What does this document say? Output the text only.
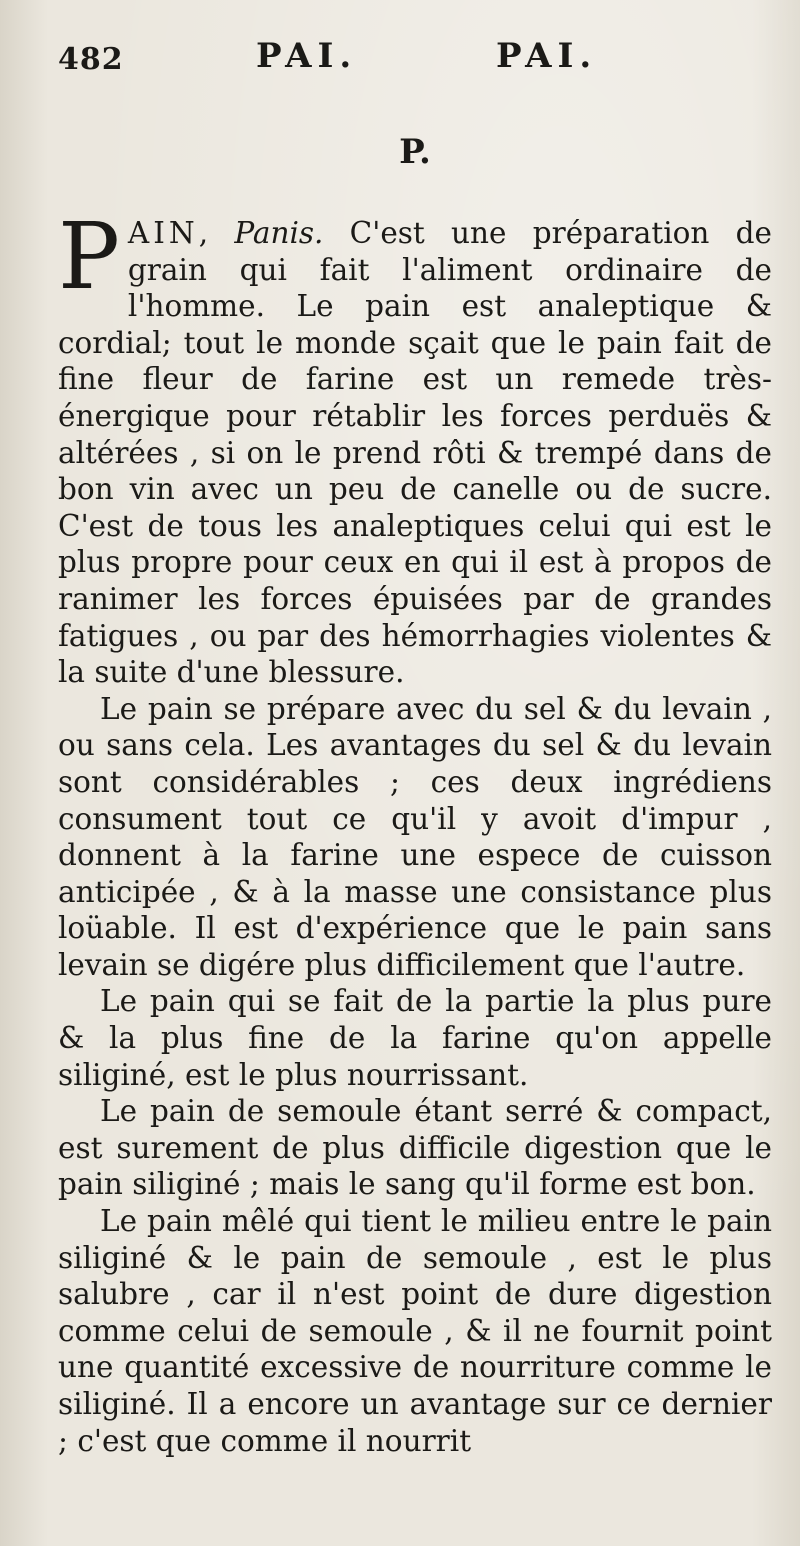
482	PAI.	PAI.
P.

PAIN, Panis. C'est une préparation de grain qui fait l'aliment ordinaire de l'homme. Le pain est analeptique & cordial; tout le monde sçait que le pain fait de fine fleur de farine est un remede très-énergique pour rétablir les forces perduës & altérées , si on le prend rôti & trempé dans de bon vin avec un peu de canelle ou de sucre. C'est de tous les analeptiques celui qui est le plus propre pour ceux en qui il est à propos de ranimer les forces épuisées par de grandes fatigues , ou par des hémorrhagies violentes & la suite d'une blessure.

Le pain se prépare avec du sel & du levain , ou sans cela. Les avantages du sel & du levain sont considérables ; ces deux ingrédiens consument tout ce qu'il y avoit d'impur , donnent à la farine une espece de cuisson anticipée , & à la masse une consistance plus loüable. Il est d'expérience que le pain sans levain se digére plus difficilement que l'autre.

Le pain qui se fait de la partie la plus pure & la plus fine de la farine qu'on appelle siliginé, est le plus nourrissant.

Le pain de semoule étant serré & compact, est surement de plus difficile digestion que le pain siliginé ; mais le sang qu'il forme est bon.

Le pain mêlé qui tient le milieu entre le pain siliginé & le pain de semoule , est le plus salubre , car il n'est point de dure digestion comme celui de semoule , & il ne fournit point une quantité excessive de nourriture comme le siliginé. Il a encore un avantage sur ce dernier ; c'est que comme il nourrit
